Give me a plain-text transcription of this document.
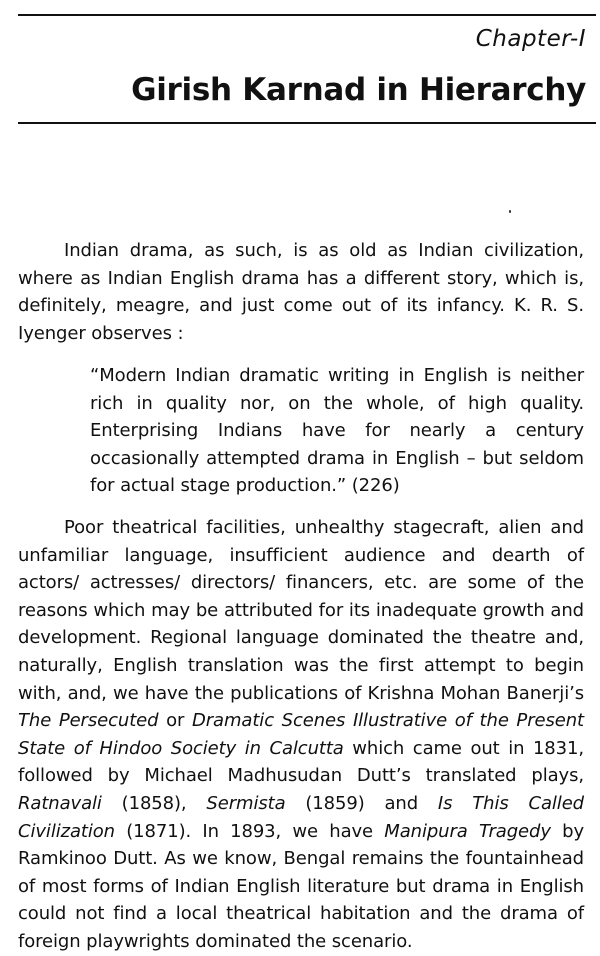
Chapter-I
Girish Karnad in Hierarchy

Indian drama, as such, is as old as Indian civilization, where as Indian English drama has a different story, which is, definitely, meagre, and just come out of its infancy. K. R. S. Iyenger observes :

“Modern Indian dramatic writing in English is neither rich in quality nor, on the whole, of high quality. Enterprising Indians have for nearly a century occasionally attempted drama in English – but seldom for actual stage production.” (226)

Poor theatrical facilities, unhealthy stagecraft, alien and unfamiliar language, insufficient audience and dearth of actors/ actresses/ directors/ financers, etc. are some of the reasons which may be attributed for its inadequate growth and development. Regional language dominated the theatre and, naturally, English translation was the first attempt to begin with, and, we have the publications of Krishna Mohan Banerji’s The Persecuted or Dramatic Scenes Illustrative of the Present State of Hindoo Society in Calcutta which came out in 1831, followed by Michael Madhusudan Dutt’s translated plays, Ratnavali (1858), Sermista (1859) and Is This Called Civilization (1871). In 1893, we have Manipura Tragedy by Ramkinoo Dutt. As we know, Bengal remains the fountainhead of most forms of Indian English literature but drama in English could not find a local theatrical habitation and the drama of foreign playwrights dominated the scenario.
